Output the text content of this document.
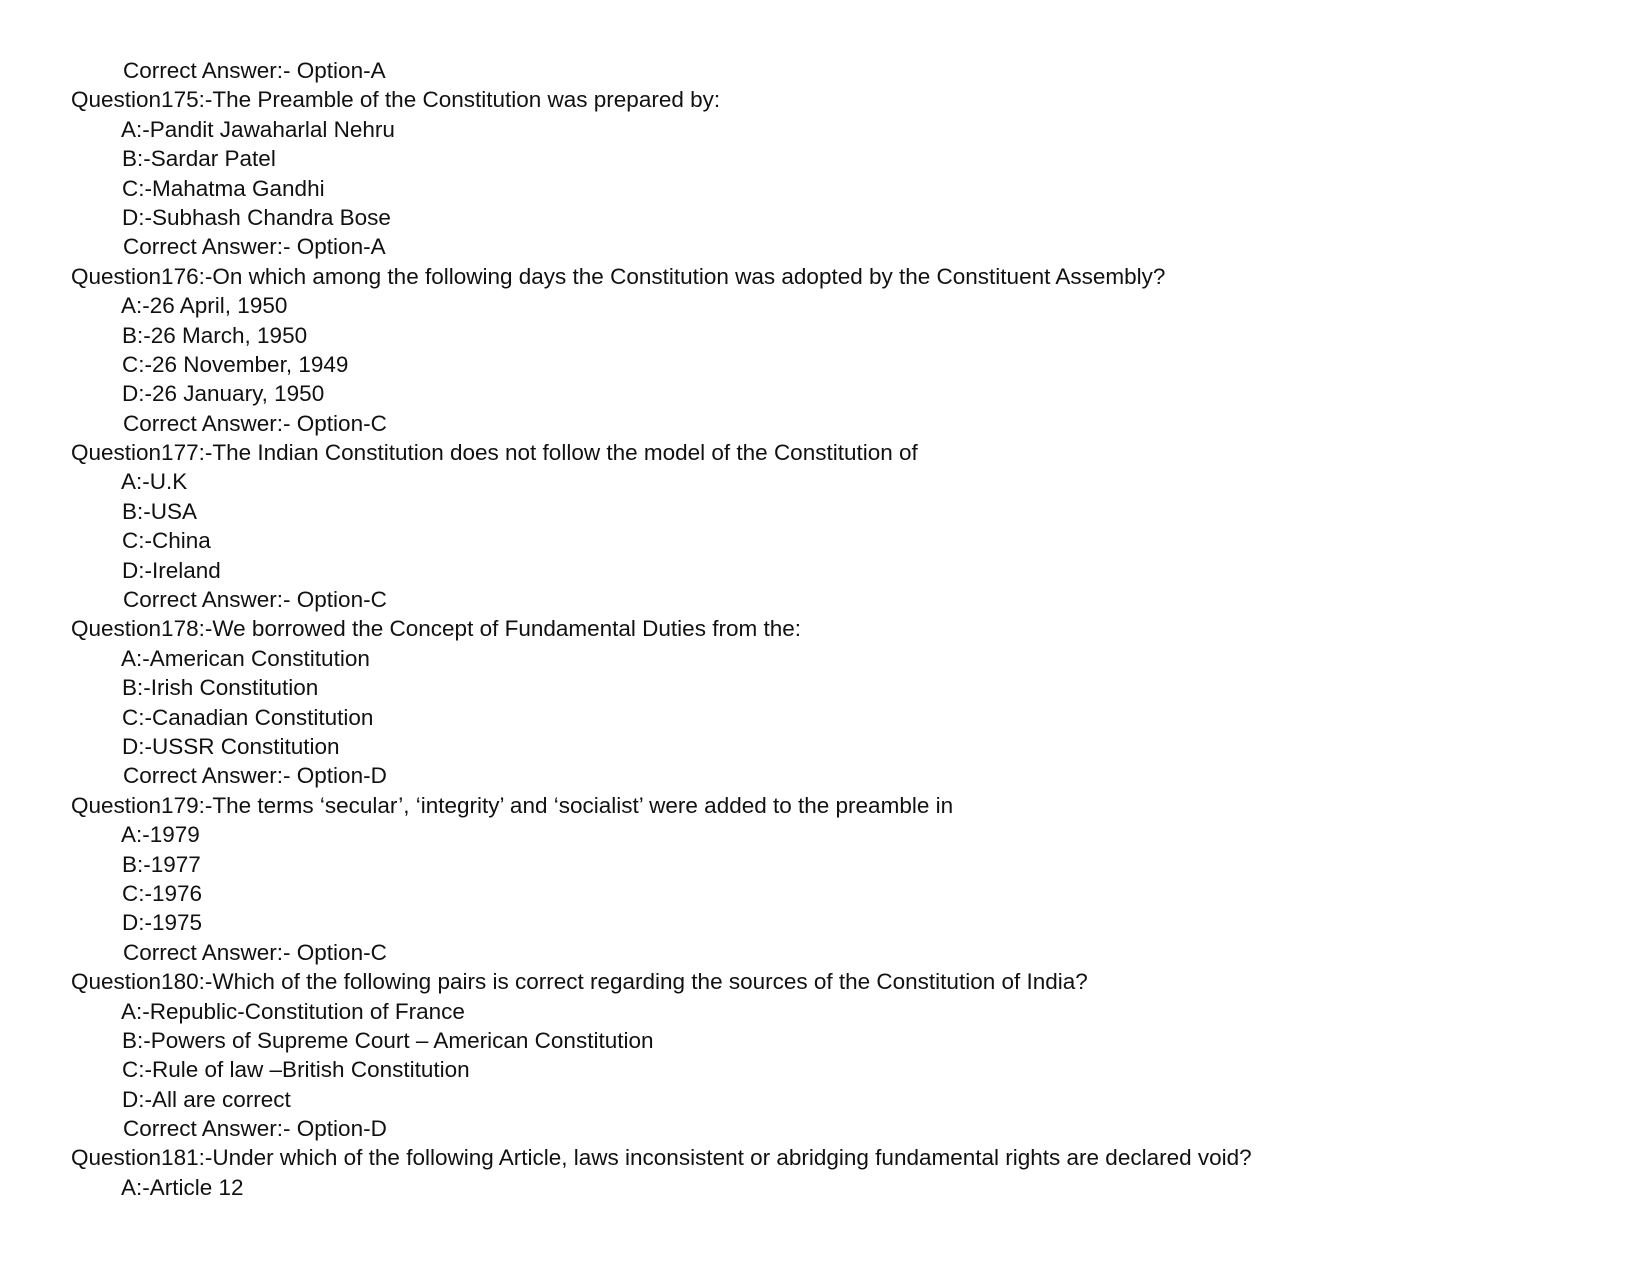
Correct Answer:- Option-A
Question175:-The Preamble of the Constitution was prepared by:
A:-Pandit Jawaharlal Nehru
B:-Sardar Patel
C:-Mahatma Gandhi
D:-Subhash Chandra Bose
Correct Answer:- Option-A
Question176:-On which among the following days the Constitution was adopted by the Constituent Assembly?
A:-26 April, 1950
B:-26 March, 1950
C:-26 November, 1949
D:-26 January, 1950
Correct Answer:- Option-C
Question177:-The Indian Constitution does not follow the model of the Constitution of
A:-U.K
B:-USA
C:-China
D:-Ireland
Correct Answer:- Option-C
Question178:-We borrowed the Concept of Fundamental Duties from the:
A:-American Constitution
B:-Irish Constitution
C:-Canadian Constitution
D:-USSR Constitution
Correct Answer:- Option-D
Question179:-The terms ‘secular’, ‘integrity’ and ‘socialist’ were added to the preamble in
A:-1979
B:-1977
C:-1976
D:-1975
Correct Answer:- Option-C
Question180:-Which of the following pairs is correct regarding the sources of the Constitution of India?
A:-Republic-Constitution of France
B:-Powers of Supreme Court – American Constitution
C:-Rule of law –British Constitution
D:-All are correct
Correct Answer:- Option-D
Question181:-Under which of the following Article, laws inconsistent or abridging fundamental rights are declared void?
A:-Article 12
